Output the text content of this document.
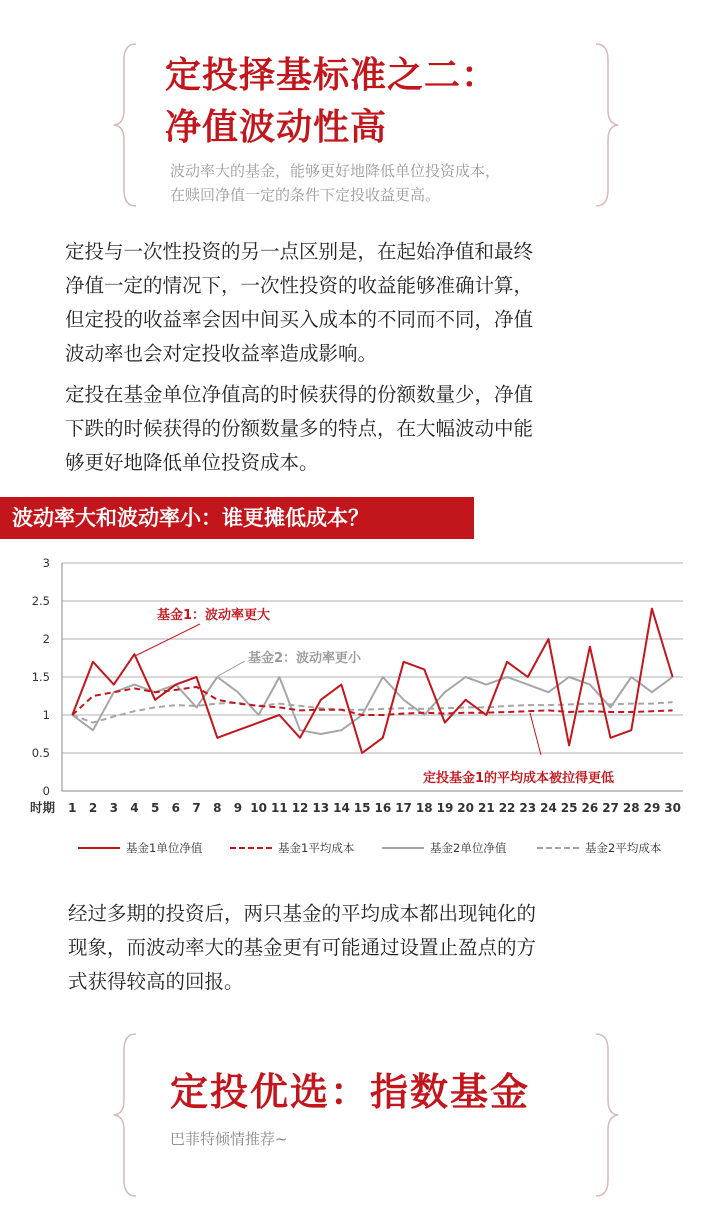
定投择基标准之二：
净值波动性高
波动率大的基金，能够更好地降低单位投资成本，
在赎回净值一定的条件下定投收益更高。
定投与一次性投资的另一点区别是，在起始净值和最终
净值一定的情况下，一次性投资的收益能够准确计算，
但定投的收益率会因中间买入成本的不同而不同，净值
波动率也会对定投收益率造成影响。
定投在基金单位净值高的时候获得的份额数量少，净值
下跌的时候获得的份额数量多的特点，在大幅波动中能
够更好地降低单位投资成本。
波动率大和波动率小：谁更摊低成本？
0
0.5
1
1.5
2
2.5
3
1 2 3 4 5 6 7 8 9 10 11 12 13 14 15 16 17 18 19 20 21 22 23 24 25 26 27 28 29 30
基金1：波动率更大
基金2：波动率更小
定投基金1的平均成本被拉得更低
时期
基金1单位净值	基金1平均成本	基金2单位净值	基金2平均成本
经过多期的投资后，两只基金的平均成本都出现钝化的
现象，而波动率大的基金更有可能通过设置止盈点的方
式获得较高的回报。
定投优选：指数基金
巴菲特倾情推荐~
